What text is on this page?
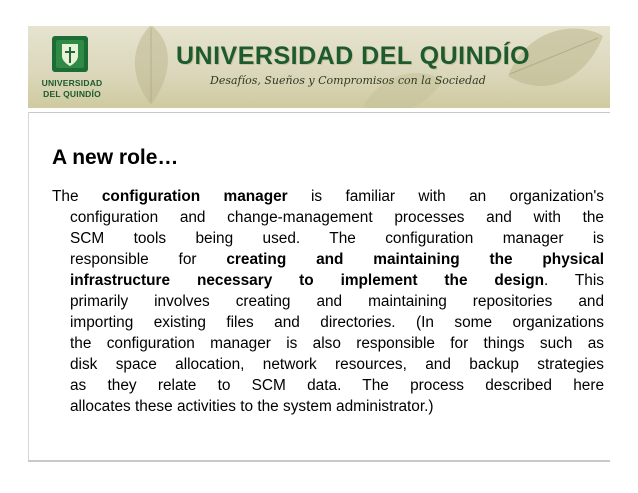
UNIVERSIDAD
DEL QUINDÍO
UNIVERSIDAD DEL QUINDÍO
Desafíos, Sueños y Compromisos con la Sociedad
A new role…
The configuration manager is familiar with an organization's
configuration and change-management processes and with the
SCM tools being used. The configuration manager is
responsible for creating and maintaining the physical
infrastructure necessary to implement the design. This
primarily involves creating and maintaining repositories and
importing existing files and directories. (In some organizations
the configuration manager is also responsible for things such as
disk space allocation, network resources, and backup strategies
as they relate to SCM data. The process described here
allocates these activities to the system administrator.)
